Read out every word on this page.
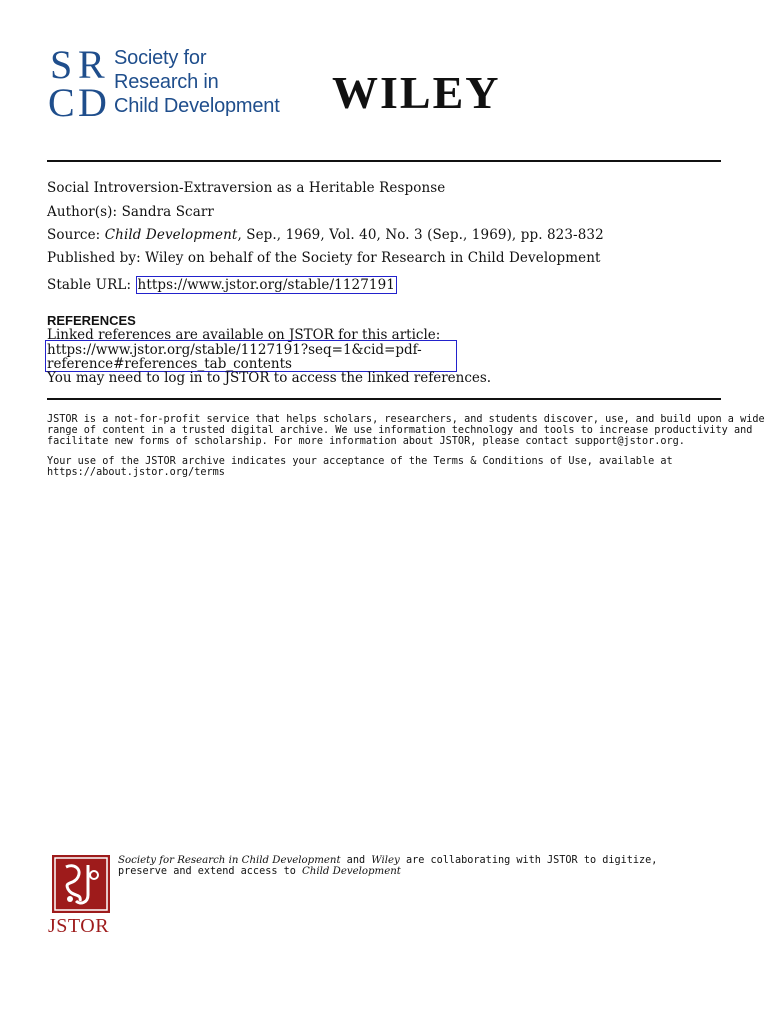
S R
C D
Society for
Research in
Child Development WILEY
Social Introversion-Extraversion as a Heritable Response
Author(s): Sandra Scarr
Source: Child Development, Sep., 1969, Vol. 40, No. 3 (Sep., 1969), pp. 823-832
Published by: Wiley on behalf of the Society for Research in Child Development
Stable URL: https://www.jstor.org/stable/1127191
REFERENCES
Linked references are available on JSTOR for this article:
https://www.jstor.org/stable/1127191?seq=1&cid=pdf-
reference#references_tab_contents
You may need to log in to JSTOR to access the linked references.
JSTOR is a not-for-profit service that helps scholars, researchers, and students discover, use, and build upon a wide
range of content in a trusted digital archive. We use information technology and tools to increase productivity and
facilitate new forms of scholarship. For more information about JSTOR, please contact support@jstor.org.
Your use of the JSTOR archive indicates your acceptance of the Terms & Conditions of Use, available at
https://about.jstor.org/terms
JSTOR
Society for Research in Child Development and Wiley are collaborating with JSTOR to digitize,
preserve and extend access to Child Development
